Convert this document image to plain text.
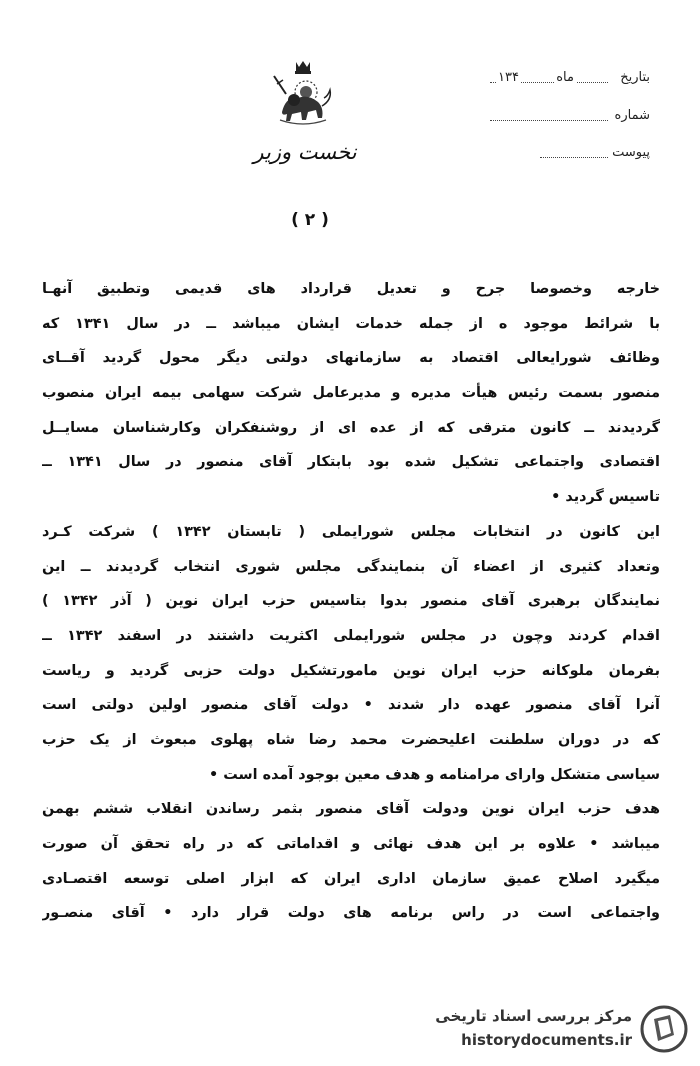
بتاریخ
ماه
۱۳۴
شماره
پیوست
نخست وزیر
( ۲ )
خارجه وخصوصا جرح و تعدیل قرارداد های قدیمی وتطبیق آنهـا
با شرائط موجود ه از جمله خدمات ایشان میباشد ــ در سال ۱۳۴۱ که
وظائف شورایعالی اقتصاد به سازمانهای دولتی دیگر محول گردید آقــای
منصور بسمت رئیس هیأت مدیره و مدیرعامل شرکت سهامی بیمه ایران منصوب
گردیدند ــ کانون مترقی که از عده ای از روشنفکران وکارشناسان مسایــل
اقتصادی واجتماعی تشکیل شده بود بابتکار آقای منصور در سال ۱۳۴۱ ــ
تاسیس گردید •
این کانون در انتخابات مجلس شورایملی ( تابستان ۱۳۴۲ ) شرکت کـرد
وتعداد کثیری از اعضاء آن بنمایندگی مجلس شوری انتخاب گردیدند ــ این
نمایندگان برهبری آقای منصور بدوا بتاسیس حزب ایران نوین ( آذر ۱۳۴۲ )
اقدام کردند وچون در مجلس شورایملی اکثریت داشتند در اسفند ۱۳۴۲ ــ
بفرمان ملوکانه حزب ایران نوین مامورتشکیل دولت حزبی گردید و ریاست
آنرا آقای منصور عهده دار شدند • دولت آقای منصور اولین دولتی است
که در دوران سلطنت اعلیحضرت محمد رضا شاه پهلوی مبعوث از یک حزب
سیاسی متشکل واراى مرامنامه و هدف معین بوجود آمده است •
هدف حزب ایران نوین ودولت آقای منصور بثمر رساندن انقلاب ششم بهمن
میباشد • علاوه بر این هدف نهائی و اقداماتی که در راه تحقق آن صورت
میگیرد اصلاح عمیق سازمان اداری ایران که ابزار اصلی توسعه اقتصـادی
واجتماعی است در راس برنامه های دولت قرار دارد • آقای منصـور
مرکز بررسی اسناد تاریخی
historydocuments.ir
